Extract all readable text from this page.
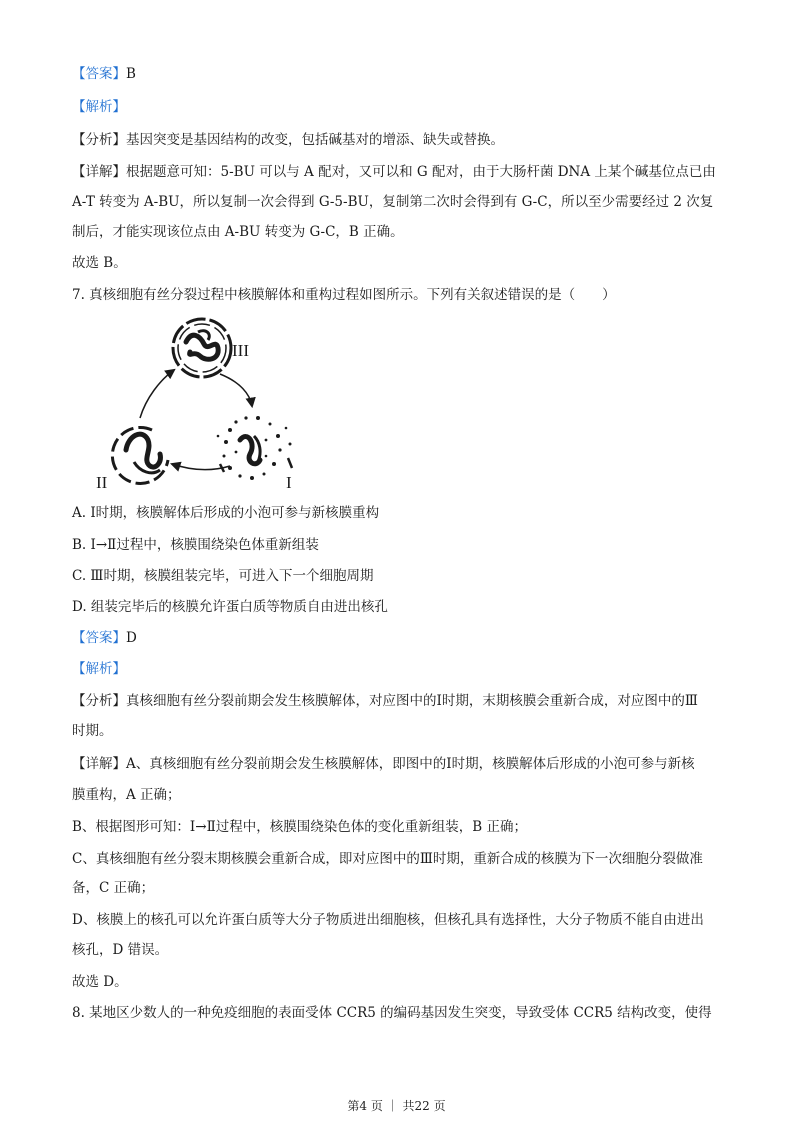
【答案】B
【解析】
【分析】基因突变是基因结构的改变，包括碱基对的增添、缺失或替换。
【详解】根据题意可知：5-BU 可以与 A 配对，又可以和 G 配对，由于大肠杆菌 DNA 上某个碱基位点已由
A-T 转变为 A-BU，所以复制一次会得到 G-5-BU，复制第二次时会得到有 G-C，所以至少需要经过 2 次复
制后，才能实现该位点由 A-BU 转变为 G-C，B 正确。
故选 B。
7. 真核细胞有丝分裂过程中核膜解体和重构过程如图所示。下列有关叙述错误的是（　　）
III
II	I
A. Ⅰ时期，核膜解体后形成的小泡可参与新核膜重构
B. Ⅰ→Ⅱ过程中，核膜围绕染色体重新组装
C. Ⅲ时期，核膜组装完毕，可进入下一个细胞周期
D. 组装完毕后的核膜允许蛋白质等物质自由进出核孔
【答案】D
【解析】
【分析】真核细胞有丝分裂前期会发生核膜解体，对应图中的Ⅰ时期，末期核膜会重新合成，对应图中的Ⅲ
时期。
【详解】A、真核细胞有丝分裂前期会发生核膜解体，即图中的Ⅰ时期，核膜解体后形成的小泡可参与新核
膜重构，A 正确；
B、根据图形可知：Ⅰ→Ⅱ过程中，核膜围绕染色体的变化重新组装，B 正确；
C、真核细胞有丝分裂末期核膜会重新合成，即对应图中的Ⅲ时期，重新合成的核膜为下一次细胞分裂做准
备，C 正确；
D、核膜上的核孔可以允许蛋白质等大分子物质进出细胞核，但核孔具有选择性，大分子物质不能自由进出
核孔，D 错误。
故选 D。
8. 某地区少数人的一种免疫细胞的表面受体 CCR5 的编码基因发生突变，导致受体 CCR5 结构改变，使得
第4 页 ｜ 共22 页
